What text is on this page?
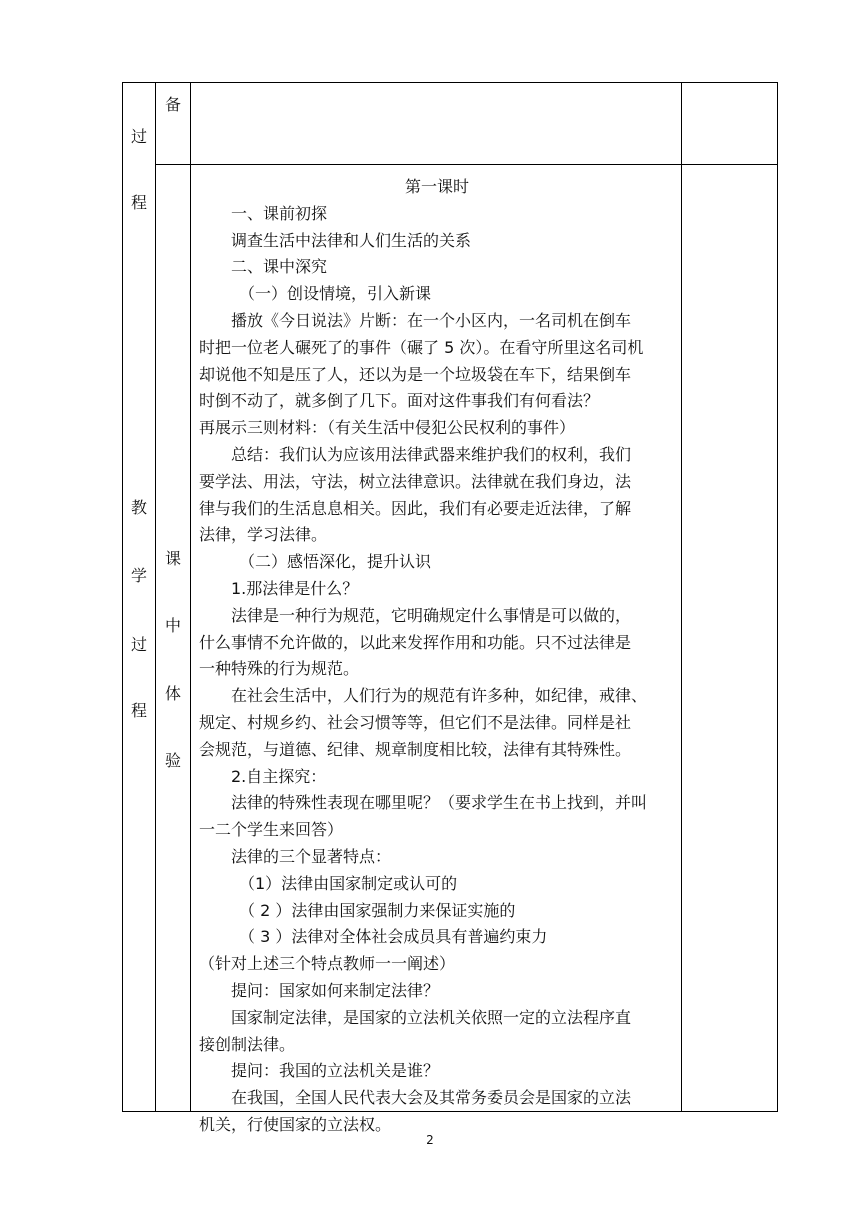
过
程
教
学
过
程
备
课
中
体
验
第一课时
一、课前初探
调查生活中法律和人们生活的关系
二、课中深究
（一）创设情境，引入新课
播放《今日说法》片断：在一个小区内，一名司机在倒车
时把一位老人碾死了的事件（碾了 5 次）。在看守所里这名司机
却说他不知是压了人，还以为是一个垃圾袋在车下，结果倒车
时倒不动了，就多倒了几下。面对这件事我们有何看法？
再展示三则材料：（有关生活中侵犯公民权利的事件）
总结：我们认为应该用法律武器来维护我们的权利，我们
要学法、用法，守法，树立法律意识。法律就在我们身边，法
律与我们的生活息息相关。因此，我们有必要走近法律，了解
法律，学习法律。
（二）感悟深化，提升认识
1.那法律是什么？
法律是一种行为规范，它明确规定什么事情是可以做的，
什么事情不允许做的，以此来发挥作用和功能。只不过法律是
一种特殊的行为规范。
在社会生活中，人们行为的规范有许多种，如纪律，戒律、
规定、村规乡约、社会习惯等等，但它们不是法律。同样是社
会规范，与道德、纪律、规章制度相比较，法律有其特殊性。
2.自主探究：
法律的特殊性表现在哪里呢？（要求学生在书上找到，并叫
一二个学生来回答）
法律的三个显著特点：
（1）法律由国家制定或认可的
（ 2 ）法律由国家强制力来保证实施的
（ 3 ）法律对全体社会成员具有普遍约束力
（针对上述三个特点教师一一阐述）
提问：国家如何来制定法律？
国家制定法律，是国家的立法机关依照一定的立法程序直
接创制法律。
提问：我国的立法机关是谁？
在我国，全国人民代表大会及其常务委员会是国家的立法
机关，行使国家的立法权。
2
